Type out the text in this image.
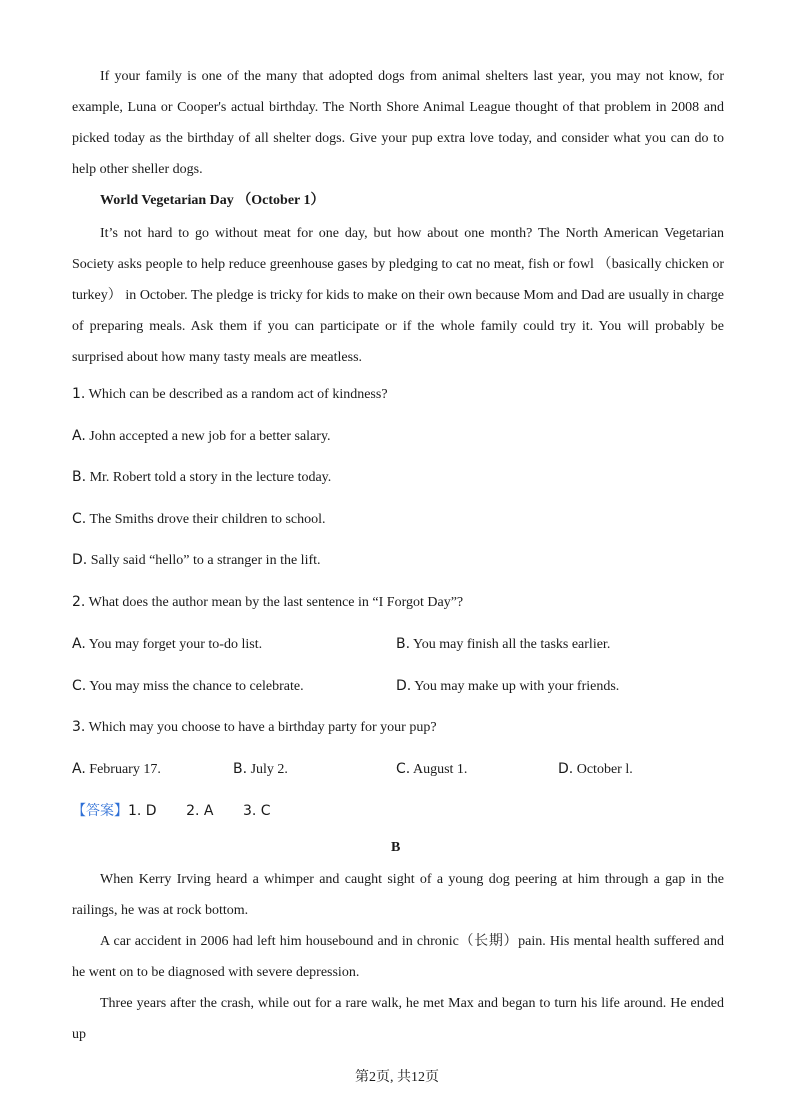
If your family is one of the many that adopted dogs from animal shelters last year, you may not know, for example, Luna or Cooper's actual birthday. The North Shore Animal League thought of that problem in 2008 and picked today as the birthday of all shelter dogs. Give your pup extra love today, and consider what you can do to help other sheller dogs.
World Vegetarian Day （October 1）
It’s not hard to go without meat for one day, but how about one month? The North American Vegetarian Society asks people to help reduce greenhouse gases by pledging to cat no meat, fish or fowl （basically chicken or turkey） in October. The pledge is tricky for kids to make on their own because Mom and Dad are usually in charge of preparing meals. Ask them if you can participate or if the whole family could try it. You will probably be surprised about how many tasty meals are meatless.
1. Which can be described as a random act of kindness?
A. John accepted a new job for a better salary.
B. Mr. Robert told a story in the lecture today.
C. The Smiths drove their children to school.
D. Sally said “hello” to a stranger in the lift.
2. What does the author mean by the last sentence in “I Forgot Day”?
A. You may forget your to-do list.	B. You may finish all the tasks earlier.
C. You may miss the chance to celebrate.	D. You may make up with your friends.
3. Which may you choose to have a birthday party for your pup?
A. February 17.	B. July 2.	C. August 1.	D. October l.
【答案】1. D 2. A 3. C
B
When Kerry Irving heard a whimper and caught sight of a young dog peering at him through a gap in the railings, he was at rock bottom.
A car accident in 2006 had left him housebound and in chronic（长期）pain. His mental health suffered and he went on to be diagnosed with severe depression.
Three years after the crash, while out for a rare walk, he met Max and began to turn his life around. He ended up
第2页, 共12页
